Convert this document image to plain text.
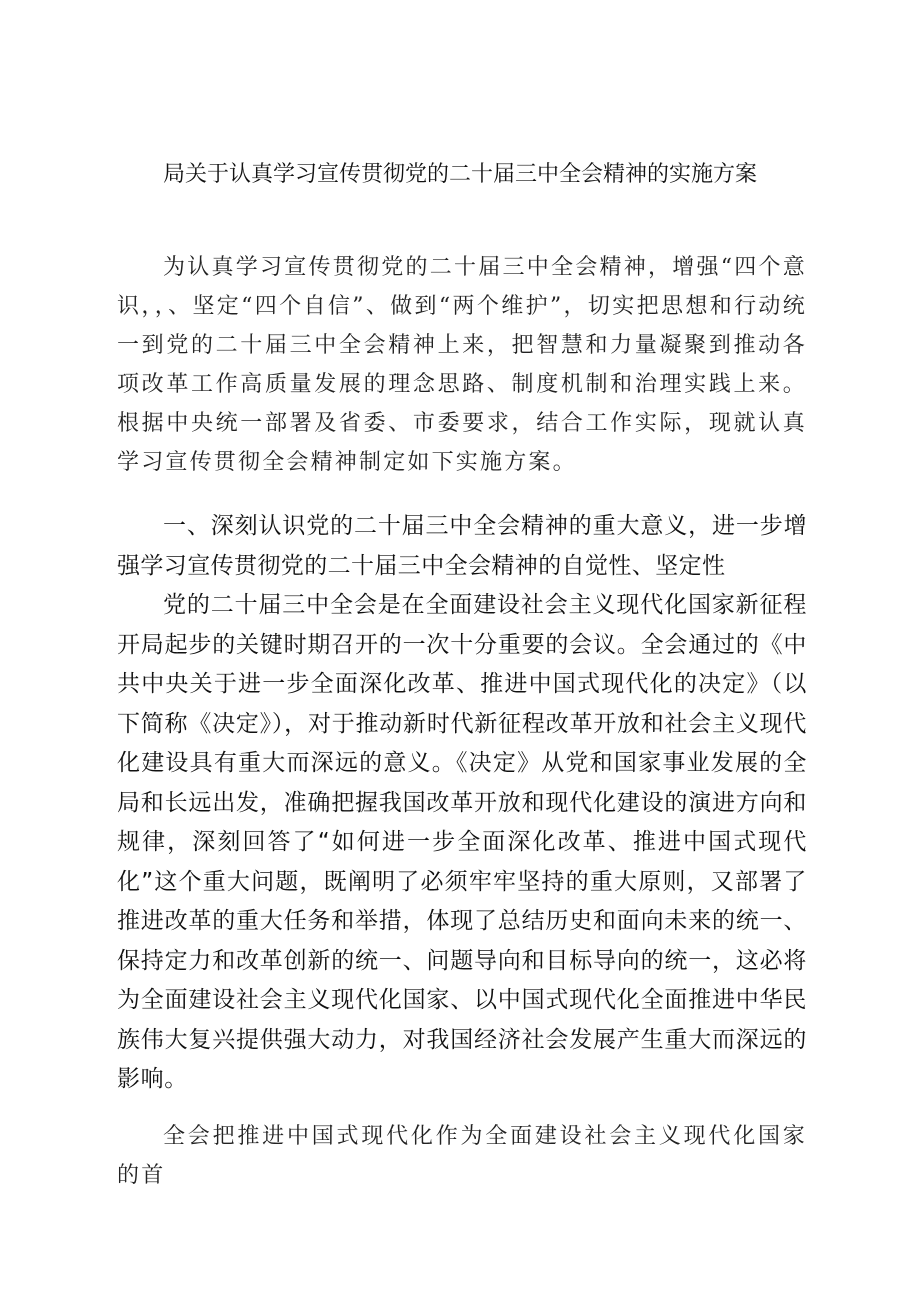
局关于认真学习宣传贯彻党的二十届三中全会精神的实施方案

为认真学习宣传贯彻党的二十届三中全会精神，增强“四个意识，，、坚定“四个自信”、做到“两个维护”，切实把思想和行动统一到党的二十届三中全会精神上来，把智慧和力量凝聚到推动各项改革工作高质量发展的理念思路、制度机制和治理实践上来。根据中央统一部署及省委、市委要求，结合工作实际，现就认真学习宣传贯彻全会精神制定如下实施方案。

一、深刻认识党的二十届三中全会精神的重大意义，进一步增强学习宣传贯彻党的二十届三中全会精神的自觉性、坚定性

党的二十届三中全会是在全面建设社会主义现代化国家新征程开局起步的关键时期召开的一次十分重要的会议。全会通过的《中共中央关于进一步全面深化改革、推进中国式现代化的决定》（以下简称《决定》），对于推动新时代新征程改革开放和社会主义现代化建设具有重大而深远的意义。《决定》从党和国家事业发展的全局和长远出发，准确把握我国改革开放和现代化建设的演进方向和规律，深刻回答了“如何进一步全面深化改革、推进中国式现代化”这个重大问题，既阐明了必须牢牢坚持的重大原则，又部署了推进改革的重大任务和举措，体现了总结历史和面向未来的统一、保持定力和改革创新的统一、问题导向和目标导向的统一，这必将为全面建设社会主义现代化国家、以中国式现代化全面推进中华民族伟大复兴提供强大动力，对我国经济社会发展产生重大而深远的影响。

全会把推进中国式现代化作为全面建设社会主义现代化国家的首
